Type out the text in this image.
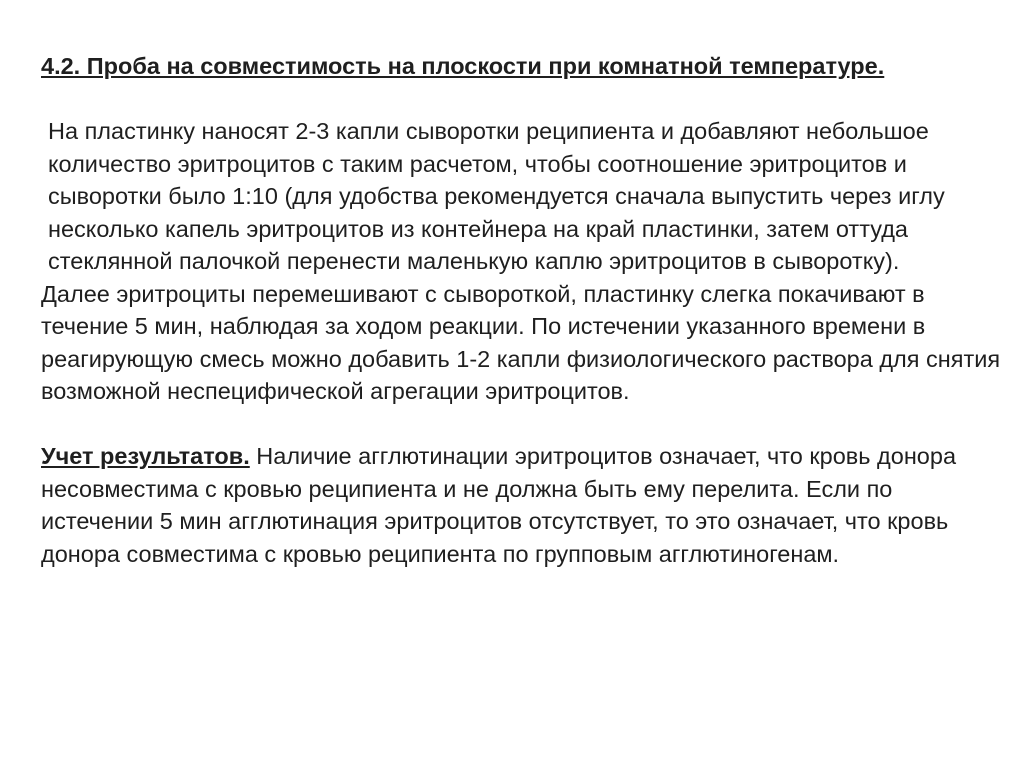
4.2. Проба на совместимость на плоскости при комнатной температуре.

На пластинку наносят 2-3 капли сыворотки реципиента и добавляют небольшое количество эритроцитов с таким расчетом, чтобы соотношение эритроцитов и сыворотки было 1:10 (для удобства рекомендуется сначала выпустить через иглу несколько капель эритроцитов из контейнера на край пластинки, затем оттуда стеклянной палочкой перенести маленькую каплю эритроцитов в сыворотку).

Далее эритроциты перемешивают с сывороткой, пластинку слегка покачивают в течение 5 мин, наблюдая за ходом реакции. По истечении указанного времени в реагирующую смесь можно добавить 1-2 капли физиологического раствора для снятия возможной неспецифической агрегации эритроцитов.

Учет результатов. Наличие агглютинации эритроцитов означает, что кровь донора несовместима с кровью реципиента и не должна быть ему перелита. Если по истечении 5 мин агглютинация эритроцитов отсутствует, то это означает, что кровь донора совместима с кровью реципиента по групповым агглютиногенам.
